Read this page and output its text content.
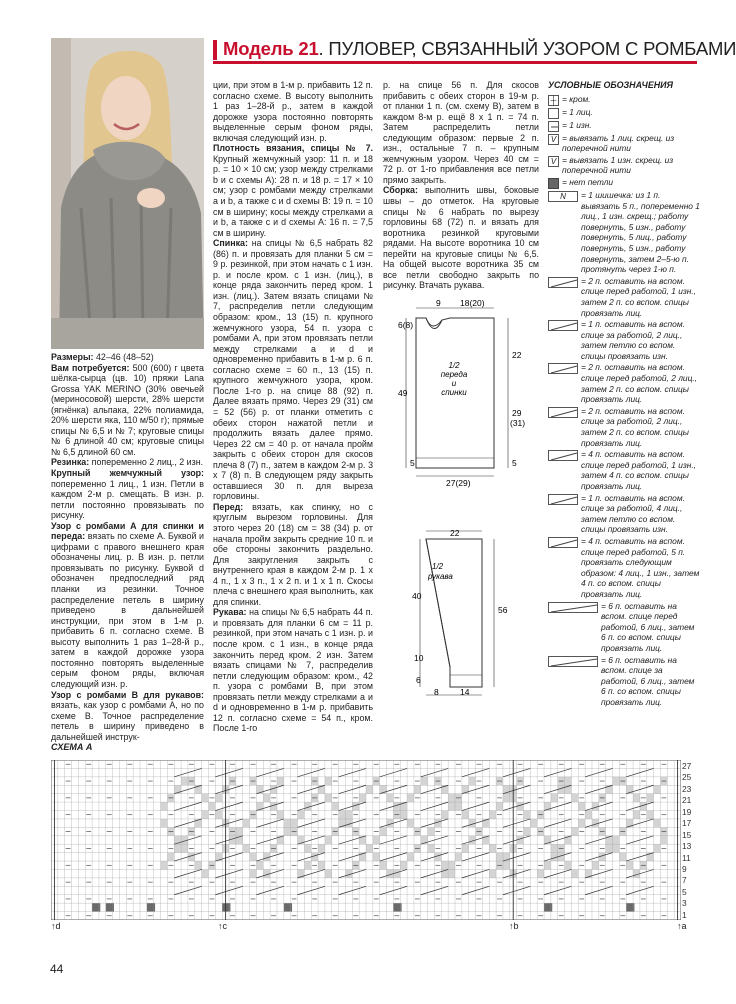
Модель 21. ПУЛОВЕР, СВЯЗАННЫЙ УЗОРОМ С РОМБАМИ

Размеры: 42–46 (48–52)

Вам потребуется: 500 (600) г цвета шёлка-сырца (цв. 10) пряжи Lana Grossa YAK MERINO (30% овечьей (мериносовой) шерсти, 28% шерсти (ягнёнка) альпака, 22% полиамида, 20% шерсти яка, 110 м/50 г); прямые спицы № 6,5 и № 7; круговые спицы № 6 длиной 40 см; круговые спицы № 6,5 длиной 60 см.

Резинка: попеременно 2 лиц., 2 изн.

Крупный жемчужный узор: попеременно 1 лиц., 1 изн. Петли в каждом 2-м р. смещать. В изн. р. петли постоянно провязывать по рисунку.

Узор с ромбами А для спинки и переда: вязать по схеме А. Буквой и цифрами с правого внешнего края обозначены лиц. р. В изн. р. петли провязывать по рисунку. Буквой d обозначен предпоследний ряд планки из резинки. Точное распределение петель в ширину приведено в дальнейшей инструкции, при этом в 1-м р. прибавить 6 п. согласно схеме. В высоту выполнить 1 раз 1–28-й р., затем в каждой дорожке узора постоянно повторять выделенные серым фоном ряды, включая следующий изн. р.

Узор с ромбами В для рукавов: вязать, как узор с ромбами А, но по схеме В. Точное распределение петель в ширину приведено в дальнейшей инструк-

ции, при этом в 1-м р. прибавить 12 п. согласно схеме. В высоту выполнить 1 раз 1–28-й р., затем в каждой дорожке узора постоянно повторять выделенные серым фоном ряды, включая следующий изн. р.

Плотность вязания, спицы № 7. Крупный жемчужный узор: 11 п. и 18 р. = 10 × 10 см; узор между стрелками b и c схемы A): 28 п. и 18 р. = 17 × 10 см; узор с ромбами между стрелками a и b, а также c и d схемы B: 19 п. = 10 см в ширину; косы между стрелками a и b, а также c и d схемы A: 16 п. = 7,5 см в ширину.

Спинка: на спицы № 6,5 набрать 82 (86) п. и провязать для планки 5 см = 9 р. резинкой, при этом начать с 1 изн. р. и после кром. с 1 изн. (лиц.), в конце ряда закончить перед кром. 1 изн. (лиц.). Затем вязать спицами № 7, распределив петли следующим образом: кром., 13 (15) п. крупного жемчужного узора, 54 п. узора с ромбами А, при этом провязать петли между стрелками a и d и одновременно прибавить в 1-м р. 6 п. согласно схеме = 60 п., 13 (15) п. крупного жемчужного узора, кром. После 1-го р. на спице 88 (92) п. Далее вязать прямо. Через 29 (31) см = 52 (56) р. от планки отметить с обеих сторон нажатой петли и продолжить вязать далее прямо. Через 22 см = 40 р. от начала пройм закрыть с обеих сторон для скосов плеча 8 (7) п., затем в каждом 2-м р. 3 х 7 (8) п. В следующем ряду закрыть оставшиеся 30 п. для выреза горловины.

Перед: вязать, как спинку, но с круглым вырезом горловины. Для этого через 20 (18) см = 38 (34) р. от начала пройм закрыть средние 10 п. и обе стороны закончить раздельно. Для закругления закрыть с внутреннего края в каждом 2-м р. 1 х 4 п., 1 х 3 п., 1 х 2 п. и 1 х 1 п. Скосы плеча с внешнего края выполнить, как для спинки.

Рукава: на спицы № 6,5 набрать 44 п. и провязать для планки 6 см = 11 р. резинкой, при этом начать с 1 изн. р. и после кром. с 1 изн., в конце ряда закончить перед кром. 2 изн. Затем вязать спицами № 7, распределив петли следующим образом: кром., 42 п. узора с ромбами В, при этом провязать петли между стрелками a и d и одновременно в 1-м р. прибавить 12 п. согласно схеме = 54 п., кром. После 1-го

р. на спице 56 п. Для скосов прибавить с обеих сторон в 19-м р. от планки 1 п. (см. схему В), затем в каждом 8-м р. ещё 8 х 1 п. = 74 п. Затем распределить петли следующим образом: первые 2 п. изн., остальные 7 п. – крупным жемчужным узором. Через 40 см = 72 р. от 1-го прибавления все петли прямо закрыть.

Сборка: выполнить швы, боковые швы – до отметок. На круговые спицы № 6 набрать по вырезу горловины 68 (72) п. и вязать для воротника резинкой круговыми рядами. На высоте воротника 10 см перейти на круговые спицы № 6,5. На общей высоте воротника 35 см все петли свободно закрыть по рисунку. Втачать рукава.

УСЛОВНЫЕ ОБОЗНАЧЕНИЯ
┼ = кром.
= 1 лиц.
= 1 изн.
V = вывязать 1 лиц. скрещ. из поперечной нити
V = вывязать 1 изн. скрещ. из поперечной нити
= нет петли
N	= 1 шишечка: из 1 п. вывязать 5 п., попеременно 1 лиц., 1 изн. скрещ.; работу повернуть, 5 изн., работу повернуть, 5 лиц., работу повернуть, 5 изн., работу повернуть, затем 2–5-ю п. протянуть через 1-ю п.
= 2 п. оставить на вспом. спице перед работой, 1 изн., затем 2 п. со вспом. спицы провязать лиц.
= 1 п. оставить на вспом. спице за работой, 2 лиц., затем петлю со вспом. спицы провязать изн.
= 2 п. оставить на вспом. спице перед работой, 2 лиц., затем 2 п. со вспом. спицы провязать лиц.
= 2 п. оставить на вспом. спице за работой, 2 лиц., затем 2 п. со вспом. спицы провязать лиц.
= 4 п. оставить на вспом. спице перед работой, 1 изн., затем 4 п. со вспом. спицы провязать лиц.
= 1 п. оставить на вспом. спице за работой, 4 лиц., затем петлю со вспом. спицы провязать изн.
= 4 п. оставить на вспом. спице перед работой, 5 п. провязать следующим образом: 4 лиц., 1 изн., затем 4 п. со вспом. спицы провязать лиц.
= 6 п. оставить на вспом. спице перед работой, 6 лиц., затем 6 п. со вспом. спицы провязать лиц.
= 6 п. оставить на вспом. спице за работой, 6 лиц., затем 6 п. со вспом. спицы провязать лиц.
9 18(20)
6(8)
1/2
переда
и
спинки
49
22
29
(31)
5	5
27(29)
22
1/2
рукава
40
56
10
6
8	14
СХЕМА А
27
25
23
21
19
17
15
13
11
9
7
5
3
1
↑d	↑c	↑b	↑a
44
